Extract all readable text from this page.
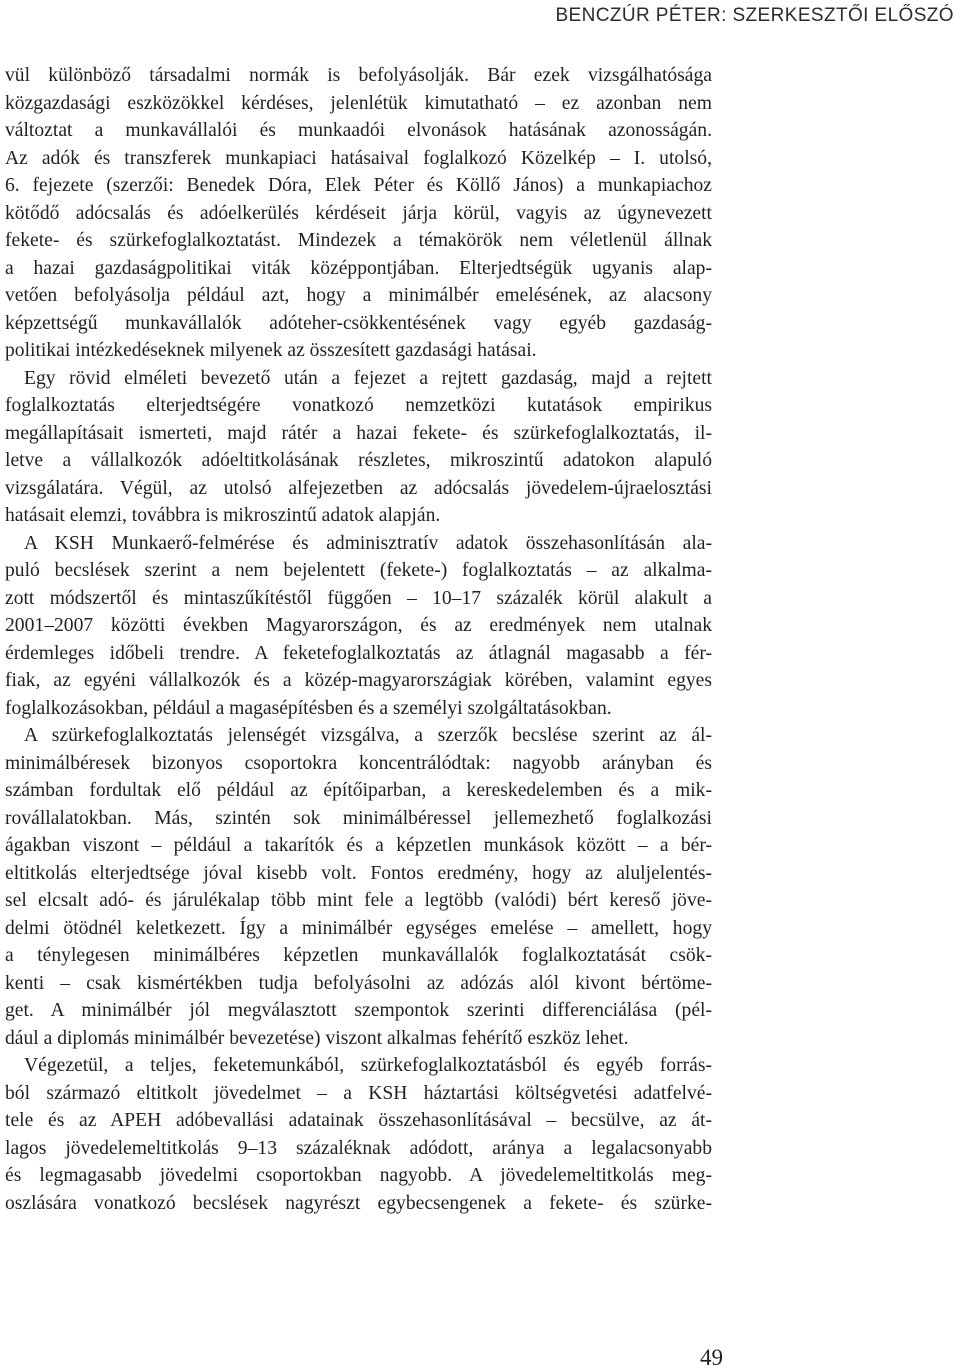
BENCZÚR PÉTER: SZERKESZTŐI ELŐSZÓ

vül különböző társadalmi normák is befolyásolják. Bár ezek vizsgálhatósága
közgazdasági eszközökkel kérdéses, jelenlétük kimutatható – ez azonban nem
változtat a munkavállalói és munkaadói elvonások hatásának azonosságán.
Az adók és transzferek munkapiaci hatásaival foglalkozó Közelkép – I. utolsó,
6. fejezete (szerzői: Benedek Dóra, Elek Péter és Köllő János) a munkapiachoz
kötődő adócsalás és adóelkerülés kérdéseit járja körül, vagyis az úgynevezett
fekete- és szürkefoglalkoztatást. Mindezek a témakörök nem véletlenül állnak
a hazai gazdaságpolitikai viták középpontjában. Elterjedtségük ugyanis alap-
vetően befolyásolja például azt, hogy a minimálbér emelésének, az alacsony
képzettségű munkavállalók adóteher-csökkentésének vagy egyéb gazdaság-
politikai intézkedéseknek milyenek az összesített gazdasági hatásai.

Egy rövid elméleti bevezető után a fejezet a rejtett gazdaság, majd a rejtett
foglalkoztatás elterjedtségére vonatkozó nemzetközi kutatások empirikus
megállapításait ismerteti, majd rátér a hazai fekete- és szürkefoglalkoztatás, il-
letve a vállalkozók adóeltitkolásának részletes, mikroszintű adatokon alapuló
vizsgálatára. Végül, az utolsó alfejezetben az adócsalás jövedelem-újraelosztási
hatásait elemzi, továbbra is mikroszintű adatok alapján.

A KSH Munkaerő-felmérése és adminisztratív adatok összehasonlításán ala-
puló becslések szerint a nem bejelentett (fekete-) foglalkoztatás – az alkalma-
zott módszertől és mintaszűkítéstől függően – 10–17 százalék körül alakult a
2001–2007 közötti években Magyarországon, és az eredmények nem utalnak
érdemleges időbeli trendre. A feketefoglalkoztatás az átlagnál magasabb a fér-
fiak, az egyéni vállalkozók és a közép-magyarországiak körében, valamint egyes
foglalkozásokban, például a magasépítésben és a személyi szolgáltatásokban.

A szürkefoglalkoztatás jelenségét vizsgálva, a szerzők becslése szerint az ál-
minimálbéresek bizonyos csoportokra koncentrálódtak: nagyobb arányban és
számban fordultak elő például az építőiparban, a kereskedelemben és a mik-
rovállalatokban. Más, szintén sok minimálbéressel jellemezhető foglalkozási
ágakban viszont – például a takarítók és a képzetlen munkások között – a bér-
eltitkolás elterjedtsége jóval kisebb volt. Fontos eredmény, hogy az aluljelentés-
sel elcsalt adó- és járulékalap több mint fele a legtöbb (valódi) bért kereső jöve-
delmi ötödnél keletkezett. Így a minimálbér egységes emelése – amellett, hogy
a ténylegesen minimálbéres képzetlen munkavállalók foglalkoztatását csök-
kenti – csak kismértékben tudja befolyásolni az adózás alól kivont bértöme-
get. A minimálbér jól megválasztott szempontok szerinti differenciálása (pél-
dául a diplomás minimálbér bevezetése) viszont alkalmas fehérítő eszköz lehet.

Végezetül, a teljes, feketemunkából, szürkefoglalkoztatásból és egyéb forrás-
ból származó eltitkolt jövedelmet – a KSH háztartási költségvetési adatfelvé-
tele és az APEH adóbevallási adatainak összehasonlításával – becsülve, az át-
lagos jövedelemeltitkolás 9–13 százaléknak adódott, aránya a legalacsonyabb
és legmagasabb jövedelmi csoportokban nagyobb. A jövedelemeltitkolás meg-
oszlására vonatkozó becslések nagyrészt egybecsengenek a fekete- és szürke-

49
